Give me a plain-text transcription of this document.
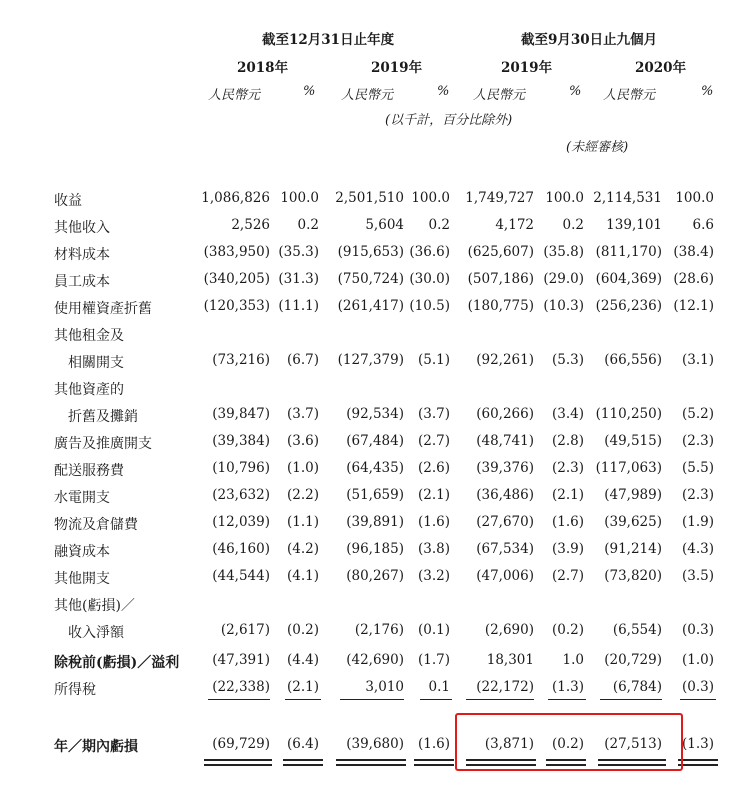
截至12月31日止年度	截至9月30日止九個月
2018年	2019年	2019年	2020年
人民幣元	% 人民幣元	% 人民幣元	% 人民幣元	%
(以千計，百分比除外)
(未經審核)
收益	1,086,826 100.0 2,501,510 100.0 1,749,727 100.0 2,114,531 100.0
其他收入	2,526 0.2	5,604 0.2	4,172 0.2 139,101 6.6
材料成本	(383,950) (35.3) (915,653) (36.6) (625,607) (35.8) (811,170) (38.4)
員工成本	(340,205) (31.3) (750,724) (30.0) (507,186) (29.0) (604,369) (28.6)
使用權資產折舊	(120,353) (11.1) (261,417) (10.5) (180,775) (10.3) (256,236) (12.1)
其他租金及
相關開支	(73,216) (6.7) (127,379) (5.1) (92,261) (5.3) (66,556) (3.1)
其他資產的
折舊及攤銷	(39,847) (3.7) (92,534) (3.7) (60,266) (3.4) (110,250) (5.2)
廣告及推廣開支	(39,384) (3.6) (67,484) (2.7) (48,741) (2.8) (49,515) (2.3)
配送服務費	(10,796) (1.0) (64,435) (2.6) (39,376) (2.3) (117,063) (5.5)
水電開支	(23,632) (2.2) (51,659) (2.1) (36,486) (2.1) (47,989) (2.3)
物流及倉儲費	(12,039) (1.1) (39,891) (1.6) (27,670) (1.6) (39,625) (1.9)
融資成本	(46,160) (4.2) (96,185) (3.8) (67,534) (3.9) (91,214) (4.3)
其他開支	(44,544) (4.1) (80,267) (3.2) (47,006) (2.7) (73,820) (3.5)
其他(虧損)／
收入淨額	(2,617) (0.2)	(2,176) (0.1)	(2,690) (0.2) (6,554) (0.3)
除稅前(虧損)／溢利 (47,391) (4.4) (42,690) (1.7)	18,301 1.0 (20,729) (1.0)
所得稅	(22,338) (2.1)	3,010 0.1 (22,172) (1.3) (6,784) (0.3)
年／期內虧損	(69,729) (6.4) (39,680) (1.6)	(3,871) (0.2) (27,513) (1.3)
